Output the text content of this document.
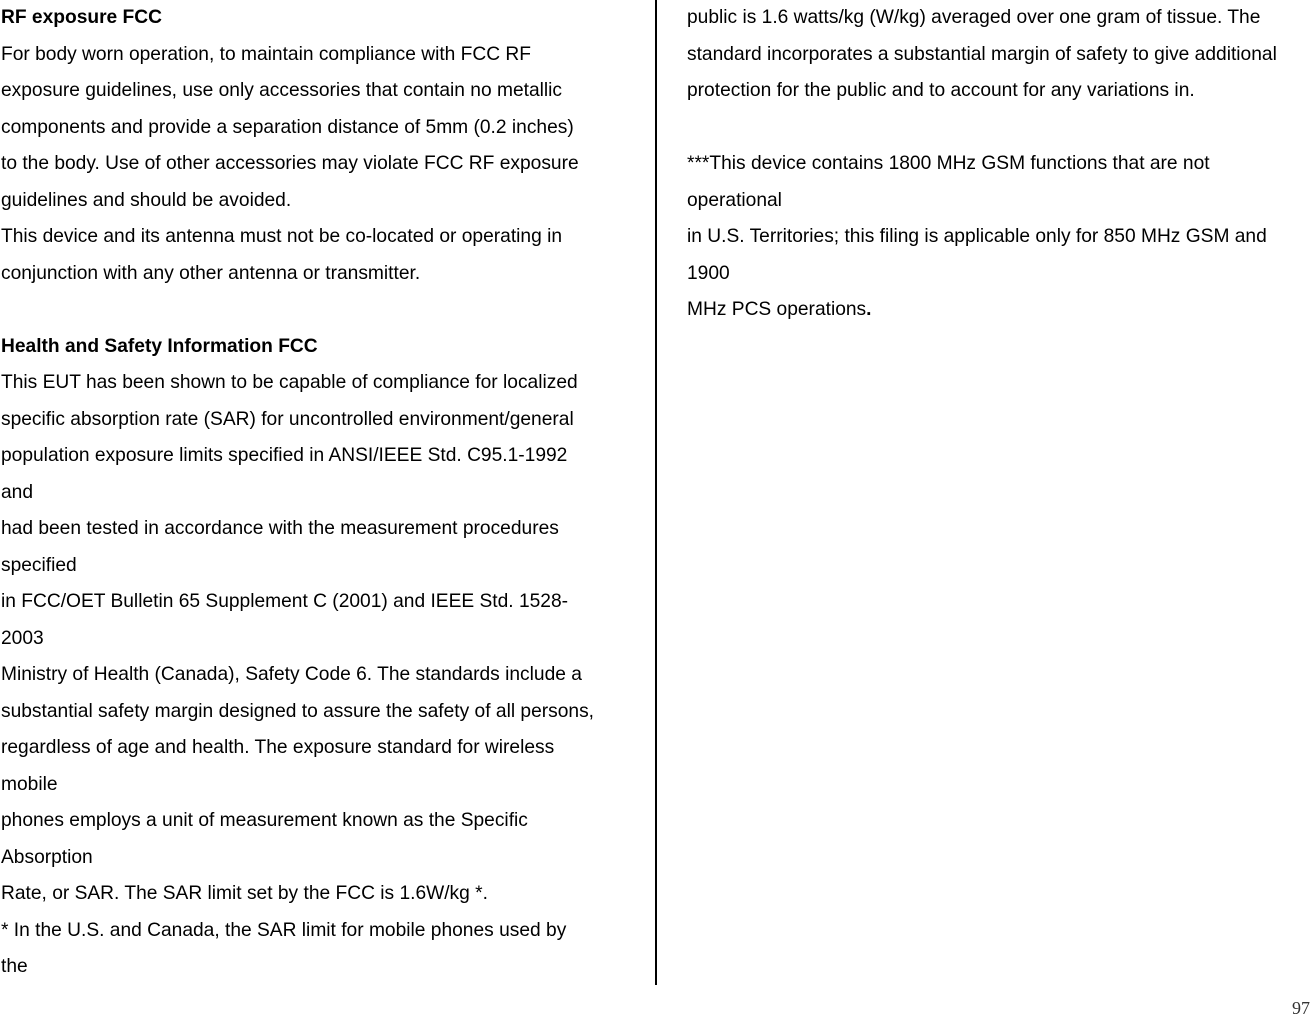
RF exposure FCC
For body worn operation, to maintain compliance with FCC RF
exposure guidelines, use only accessories that contain no metallic
components and provide a separation distance of 5mm (0.2 inches)
to the body. Use of other accessories may violate FCC RF exposure
guidelines and should be avoided.
This device and its antenna must not be co-located or operating in
conjunction with any other antenna or transmitter.
Health and Safety Information FCC
This EUT has been shown to be capable of compliance for localized
specific absorption rate (SAR) for uncontrolled environment/general
population exposure limits specified in ANSI/IEEE Std. C95.1-1992
and
had been tested in accordance with the measurement procedures
specified
in FCC/OET Bulletin 65 Supplement C (2001) and IEEE Std. 1528-
2003
Ministry of Health (Canada), Safety Code 6. The standards include a
substantial safety margin designed to assure the safety of all persons,
regardless of age and health. The exposure standard for wireless
mobile
phones employs a unit of measurement known as the Specific
Absorption
Rate, or SAR. The SAR limit set by the FCC is 1.6W/kg *.
* In the U.S. and Canada, the SAR limit for mobile phones used by
the
public is 1.6 watts/kg (W/kg) averaged over one gram of tissue. The
standard incorporates a substantial margin of safety to give additional
protection for the public and to account for any variations in.
***This device contains 1800 MHz GSM functions that are not
operational
in U.S. Territories; this filing is applicable only for 850 MHz GSM and
1900
MHz PCS operations.
97
